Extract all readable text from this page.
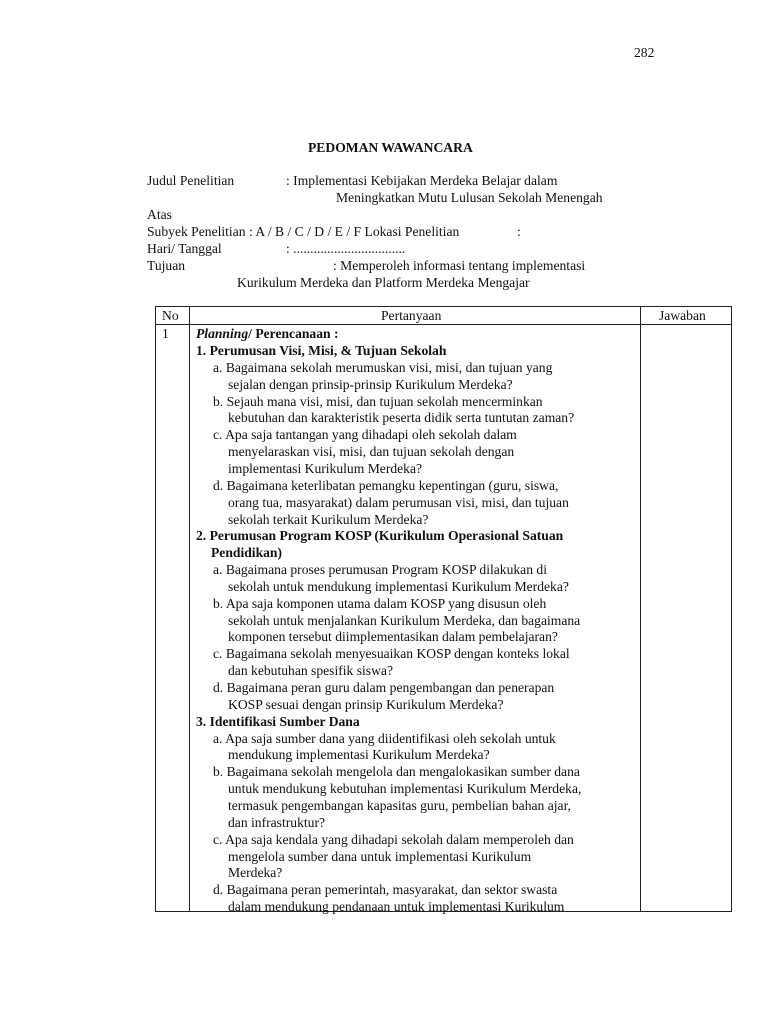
282
PEDOMAN WAWANCARA
Judul Penelitian	: Implementasi Kebijakan Merdeka Belajar dalam
Meningkatkan Mutu Lulusan Sekolah Menengah
Atas
Subyek Penelitian : A / B / C / D / E / F Lokasi Penelitian	:
Hari/ Tanggal	: .................................
Tujuan	: Memperoleh informasi tentang implementasi
Kurikulum Merdeka dan Platform Merdeka Mengajar
No	Pertanyaan	Jawaban
1 Planning/ Perencanaan :
1. Perumusan Visi, Misi, & Tujuan Sekolah
a. Bagaimana sekolah merumuskan visi, misi, dan tujuan yang
sejalan dengan prinsip-prinsip Kurikulum Merdeka?
b. Sejauh mana visi, misi, dan tujuan sekolah mencerminkan
kebutuhan dan karakteristik peserta didik serta tuntutan zaman?
c. Apa saja tantangan yang dihadapi oleh sekolah dalam
menyelaraskan visi, misi, dan tujuan sekolah dengan
implementasi Kurikulum Merdeka?
d. Bagaimana keterlibatan pemangku kepentingan (guru, siswa,
orang tua, masyarakat) dalam perumusan visi, misi, dan tujuan
sekolah terkait Kurikulum Merdeka?
2. Perumusan Program KOSP (Kurikulum Operasional Satuan
Pendidikan)
a. Bagaimana proses perumusan Program KOSP dilakukan di
sekolah untuk mendukung implementasi Kurikulum Merdeka?
b. Apa saja komponen utama dalam KOSP yang disusun oleh
sekolah untuk menjalankan Kurikulum Merdeka, dan bagaimana
komponen tersebut diimplementasikan dalam pembelajaran?
c. Bagaimana sekolah menyesuaikan KOSP dengan konteks lokal
dan kebutuhan spesifik siswa?
d. Bagaimana peran guru dalam pengembangan dan penerapan
KOSP sesuai dengan prinsip Kurikulum Merdeka?
3. Identifikasi Sumber Dana
a. Apa saja sumber dana yang diidentifikasi oleh sekolah untuk
mendukung implementasi Kurikulum Merdeka?
b. Bagaimana sekolah mengelola dan mengalokasikan sumber dana
untuk mendukung kebutuhan implementasi Kurikulum Merdeka,
termasuk pengembangan kapasitas guru, pembelian bahan ajar,
dan infrastruktur?
c. Apa saja kendala yang dihadapi sekolah dalam memperoleh dan
mengelola sumber dana untuk implementasi Kurikulum
Merdeka?
d. Bagaimana peran pemerintah, masyarakat, dan sektor swasta
dalam mendukung pendanaan untuk implementasi Kurikulum
